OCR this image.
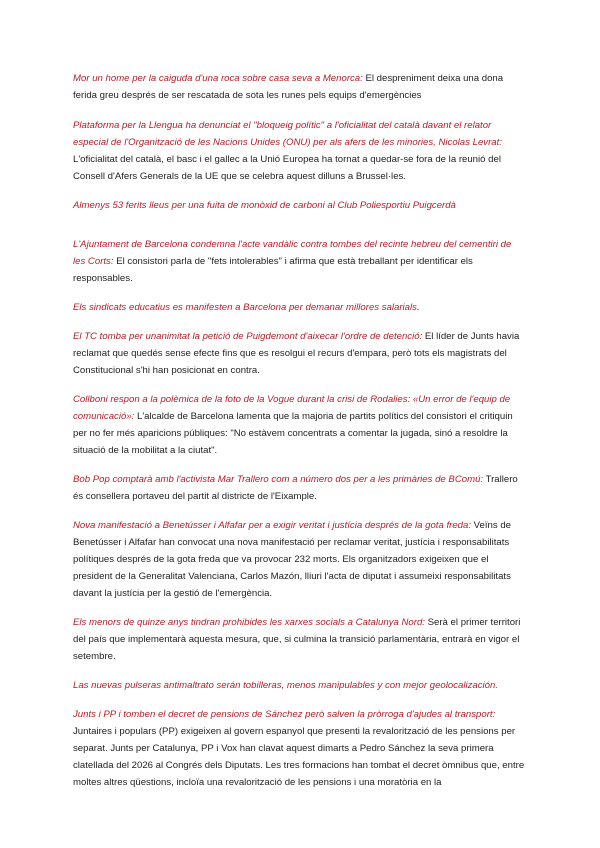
Mor un home per la caiguda d'una roca sobre casa seva a Menorca: El despreniment deixa una dona ferida greu després de ser rescatada de sota les runes pels equips d'emergències

Plataforma per la Llengua ha denunciat el "bloqueig polític" a l'oficialitat del català davant el relator especial de l'Organització de les Nacions Unides (ONU) per als afers de les minories, Nicolas Levrat: L'oficialitat del català, el basc i el gallec a la Unió Europea ha tornat a quedar-se fora de la reunió del Consell d'Afers Generals de la UE que se celebra aquest dilluns a Brussel·les.

Almenys 53 ferits lleus per una fuita de monòxid de carboni al Club Poliesportiu Puigcerdà

L'Ajuntament de Barcelona condemna l'acte vandàlic contra tombes del recinte hebreu del cementiri de les Corts: El consistori parla de "fets intolerables" i afirma que està treballant per identificar els responsables.

Els sindicats educatius es manifesten a Barcelona per demanar millores salarials.

El TC tomba per unanimitat la petició de Puigdemont d'aixecar l'ordre de detenció: El líder de Junts havia reclamat que quedés sense efecte fins que es resolgui el recurs d'empara, però tots els magistrats del Constitucional s'hi han posicionat en contra.

Collboni respon a la polèmica de la foto de la Vogue durant la crisi de Rodalies: «Un error de l'equip de comunicació»: L'alcalde de Barcelona lamenta que la majoria de partits polítics del consistori el critiquin per no fer més aparicions públiques: "No estàvem concentrats a comentar la jugada, sinó a resoldre la situació de la mobilitat a la ciutat".

Bob Pop comptarà amb l'activista Mar Trallero com a número dos per a les primàries de BComú: Trallero és consellera portaveu del partit al districte de l'Eixample.

Nova manifestació a Benetússer i Alfafar per a exigir veritat i justícia després de la gota freda: Veïns de Benetússer i Alfafar han convocat una nova manifestació per reclamar veritat, justícia i responsabilitats polítiques després de la gota freda que va provocar 232 morts. Els organitzadors exigeixen que el president de la Generalitat Valenciana, Carlos Mazón, lliuri l'acta de diputat i assumeixi responsabilitats davant la justícia per la gestió de l'emergència.

Els menors de quinze anys tindran prohibides les xarxes socials a Catalunya Nord: Serà el primer territori del país que implementarà aquesta mesura, que, si culmina la transició parlamentària, entrarà en vigor el setembre.

Las nuevas pulseras antimaltrato serán tobilleras, menos manipulables y con mejor geolocalización.

Junts i PP i tomben el decret de pensions de Sánchez però salven la pròrroga d'ajudes al transport: Juntaires i populars (PP) exigeixen al govern espanyol que presenti la revalorització de les pensions per separat. Junts per Catalunya, PP i Vox han clavat aquest dimarts a Pedro Sánchez la seva primera clatellada del 2026 al Congrés dels Diputats. Les tres formacions han tombat el decret òmnibus que, entre moltes altres qüestions, incloïa una revalorització de les pensions i una moratòria en la
